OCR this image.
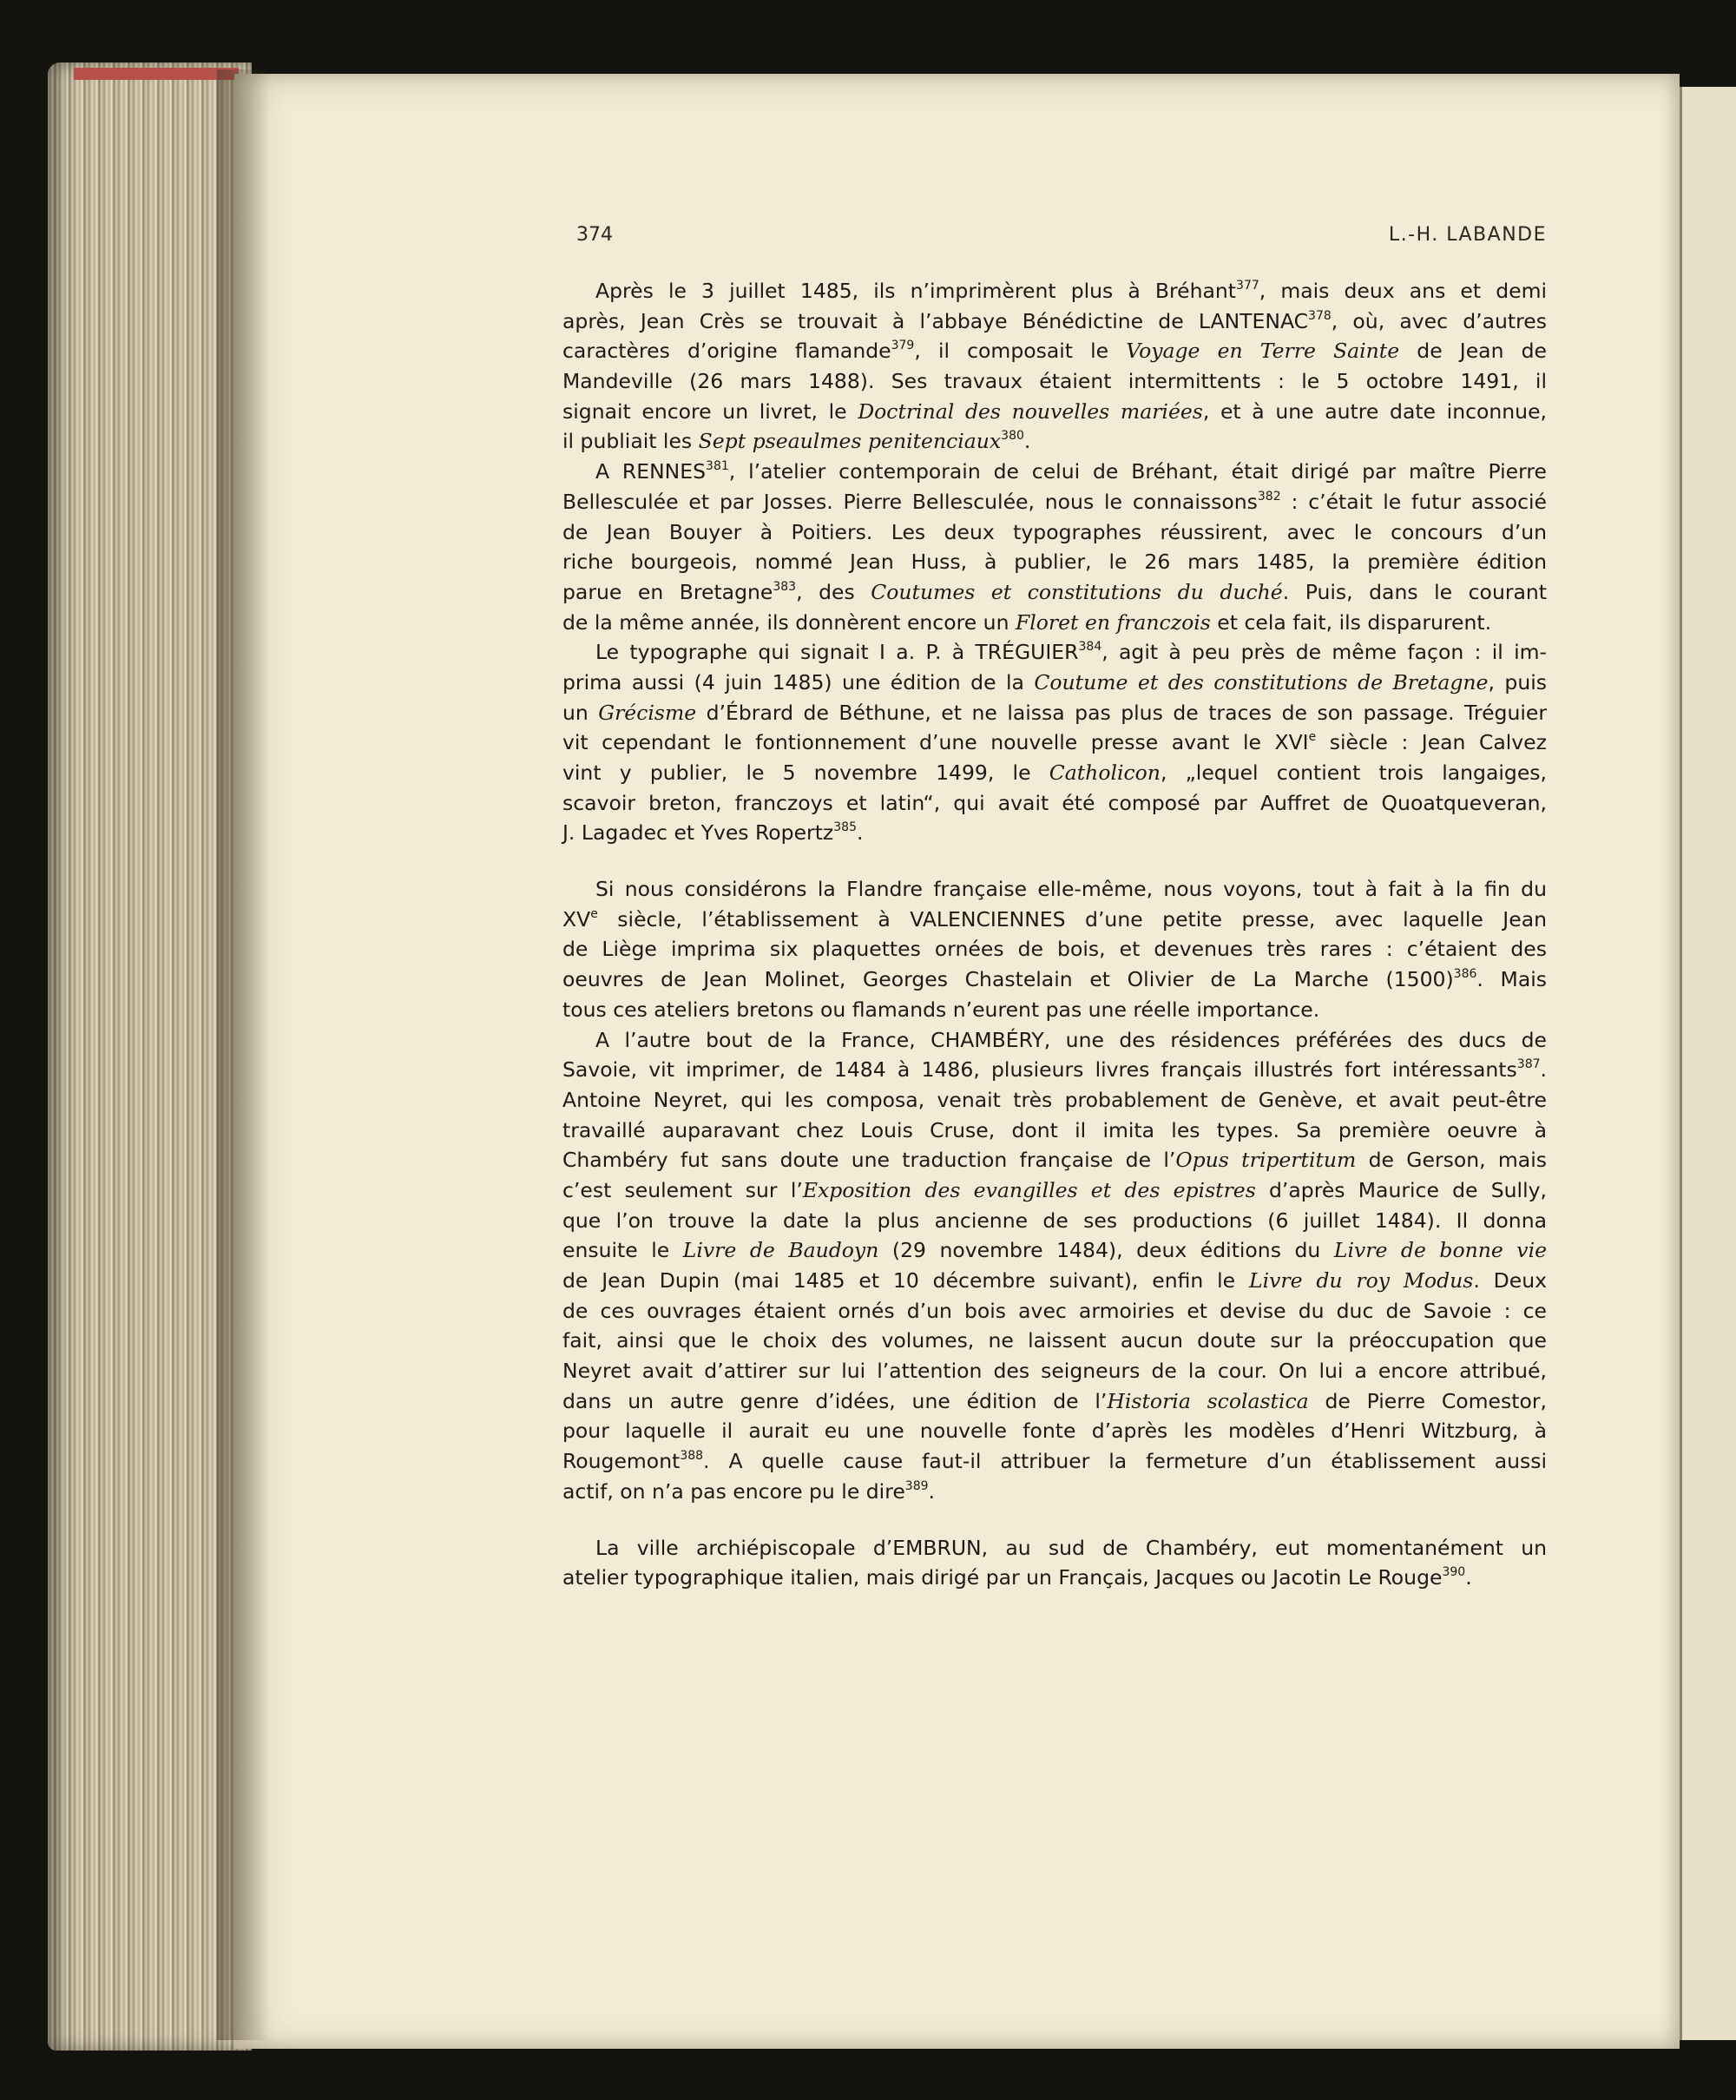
374	L.-H. LABANDE
Après le 3 juillet 1485, ils n’imprimèrent plus à Bréhant$^{377}$, mais deux ans et demi
après, Jean Crès se trouvait à l’abbaye Bénédictine de LANTENAC$^{378}$, où, avec d’autres
caractères d’origine flamande$^{379}$, il composait le Voyage en Terre Sainte de Jean de
Mandeville (26 mars 1488). Ses travaux étaient intermittents : le 5 octobre 1491, il
signait encore un livret, le Doctrinal des nouvelles mariées, et à une autre date inconnue,
il publiait les Sept pseaulmes penitenciaux$^{380}$.
A RENNES$^{381}$, l’atelier contemporain de celui de Bréhant, était dirigé par maître Pierre
Bellesculée et par Josses. Pierre Bellesculée, nous le connaissons$^{382}$ : c’était le futur associé
de Jean Bouyer à Poitiers. Les deux typographes réussirent, avec le concours d’un
riche bourgeois, nommé Jean Huss, à publier, le 26 mars 1485, la première édition
parue en Bretagne$^{383}$, des Coutumes et constitutions du duché. Puis, dans le courant
de la même année, ils donnèrent encore un Floret en franczois et cela fait, ils disparurent.
Le typographe qui signait I a. P. à TRÉGUIER$^{384}$, agit à peu près de même façon : il im-
prima aussi (4 juin 1485) une édition de la Coutume et des constitutions de Bretagne, puis
un Grécisme d’Ébrard de Béthune, et ne laissa pas plus de traces de son passage. Tréguier
vit cependant le fontionnement d’une nouvelle presse avant le XVIe siècle : Jean Calvez
vint y publier, le 5 novembre 1499, le Catholicon, „lequel contient trois langaiges,
scavoir breton, franczoys et latin“, qui avait été composé par Auffret de Quoatqueveran,
J. Lagadec et Yves Ropertz$^{385}$.
Si nous considérons la Flandre française elle-même, nous voyons, tout à fait à la fin du
XVe siècle, l’établissement à VALENCIENNES d’une petite presse, avec laquelle Jean
de Liège imprima six plaquettes ornées de bois, et devenues très rares : c’étaient des
oeuvres de Jean Molinet, Georges Chastelain et Olivier de La Marche $(1500)^{386}$. Mais
tous ces ateliers bretons ou flamands n’eurent pas une réelle importance.
A l’autre bout de la France, CHAMBÉRY, une des résidences préférées des ducs de
Savoie, vit imprimer, de 1484 à 1486, plusieurs livres français illustrés fort intéressants$^{387}$.
Antoine Neyret, qui les composa, venait très probablement de Genève, et avait peut-être
travaillé auparavant chez Louis Cruse, dont il imita les types. Sa première oeuvre à
Chambéry fut sans doute une traduction française de l’Opus tripertitum de Gerson, mais
c’est seulement sur l’Exposition des evangilles et des epistres d’après Maurice de Sully,
que l’on trouve la date la plus ancienne de ses productions (6 juillet 1484). Il donna
ensuite le Livre de Baudoyn (29 novembre 1484), deux éditions du Livre de bonne vie
de Jean Dupin (mai 1485 et 10 décembre suivant), enfin le Livre du roy Modus. Deux
de ces ouvrages étaient ornés d’un bois avec armoiries et devise du duc de Savoie : ce
fait, ainsi que le choix des volumes, ne laissent aucun doute sur la préoccupation que
Neyret avait d’attirer sur lui l’attention des seigneurs de la cour. On lui a encore attribué,
dans un autre genre d’idées, une édition de l’Historia scolastica de Pierre Comestor,
pour laquelle il aurait eu une nouvelle fonte d’après les modèles d’Henri Witzburg, à
Rougemont$^{388}$. A quelle cause faut-il attribuer la fermeture d’un établissement aussi
actif, on n’a pas encore pu le dire$^{389}$.
La ville archiépiscopale d’EMBRUN, au sud de Chambéry, eut momentanément un
atelier typographique italien, mais dirigé par un Français, Jacques ou Jacotin Le Rouge$^{390}$.
